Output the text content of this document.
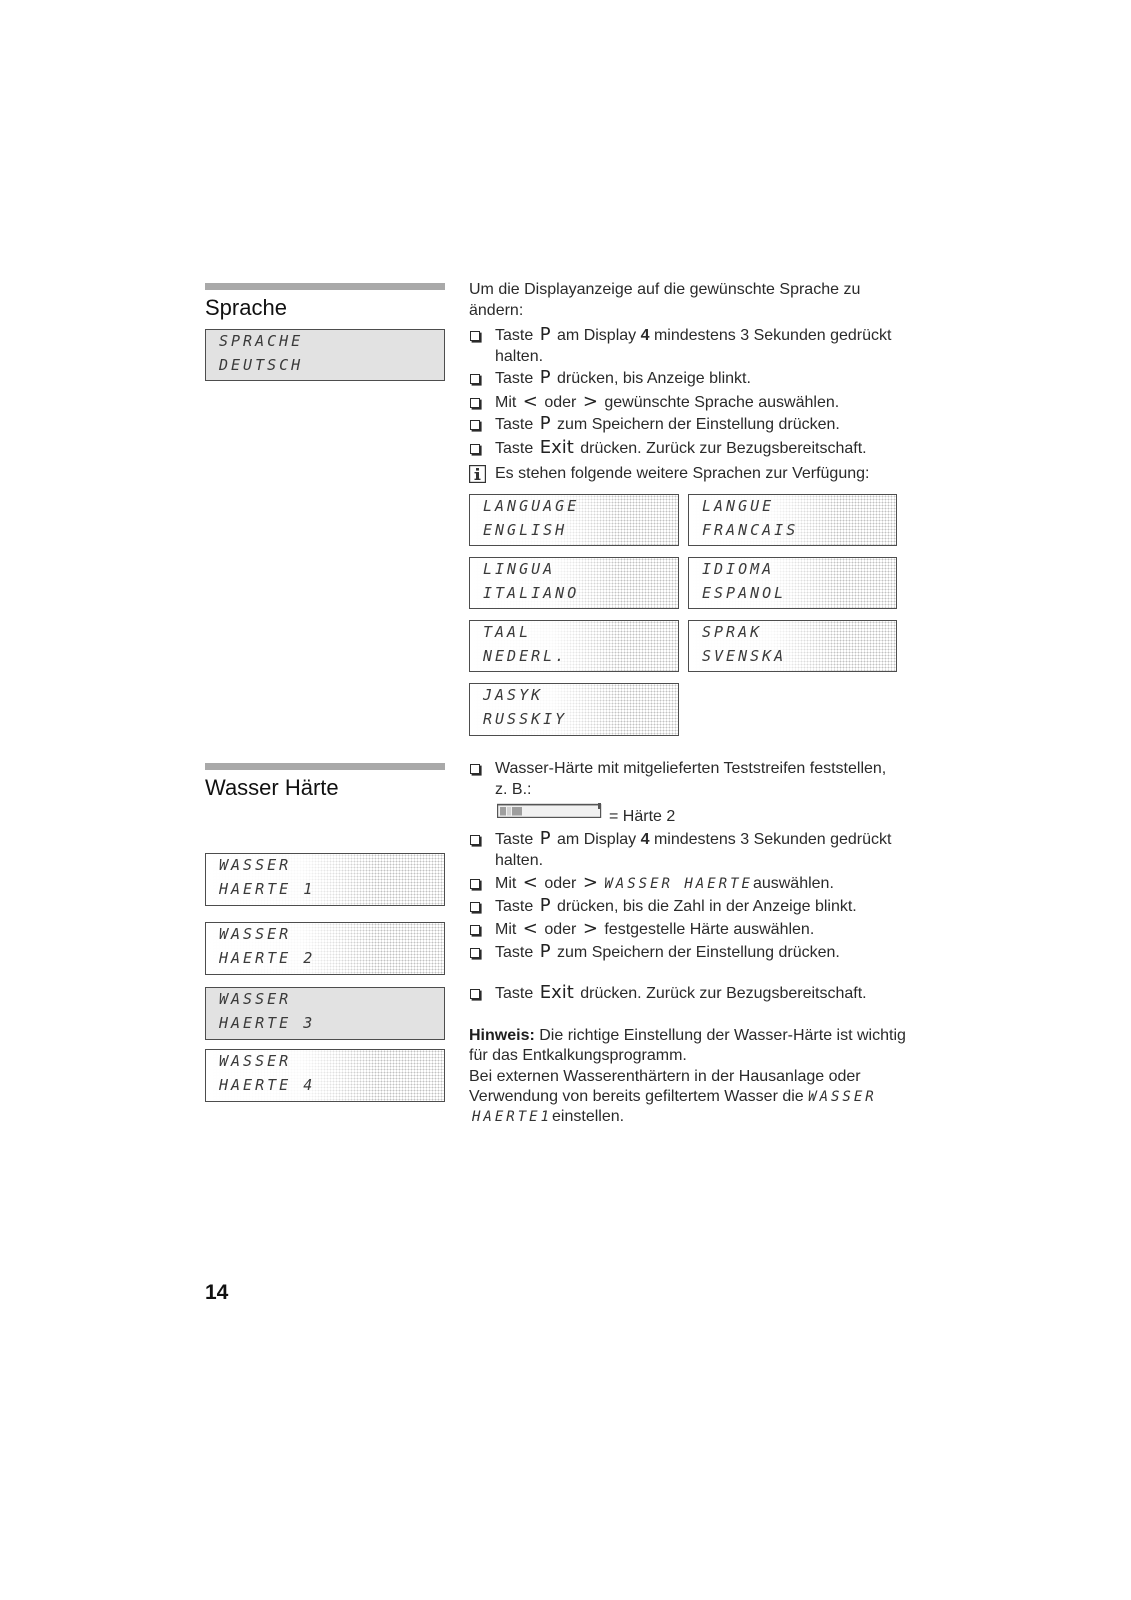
Sprache
SPRACHE
DEUTSCH
Um die Displayanzeige auf die gewünschte Sprache zu
ändern:
Taste P am Display 4 mindestens 3 Sekunden gedrückt
halten.
Taste P drücken, bis Anzeige blinkt.
Mit < oder > gewünschte Sprache auswählen.
Taste P zum Speichern der Einstellung drücken.
Taste Exit drücken. Zurück zur Bezugsbereitschaft.
Es stehen folgende weitere Sprachen zur Verfügung:
LANGUAGE
ENGLISH
LANGUE
FRANCAIS
LINGUA
ITALIANO
IDIOMA
ESPANOL
TAAL
NEDERL.
SPRAK
SVENSKA
JASYK
RUSSKIY
Wasser Härte
WASSER
HAERTE 1
WASSER
HAERTE 2
WASSER
HAERTE 3
WASSER
HAERTE 4
Wasser-Härte mit mitgelieferten Teststreifen feststellen,
z. B.:
= Härte 2
Taste P am Display 4 mindestens 3 Sekunden gedrückt
halten.
Mit < oder > WASSER HAERTEauswählen.
Taste P drücken, bis die Zahl in der Anzeige blinkt.
Mit < oder > festgestelle Härte auswählen.
Taste P zum Speichern der Einstellung drücken.
Taste Exit drücken. Zurück zur Bezugsbereitschaft.
Hinweis: Die richtige Einstellung der Wasser-Härte ist wichtig
für das Entkalkungsprogramm.
Bei externen Wasserenthärtern in der Hausanlage oder
Verwendung von bereits gefiltertem Wasser die WASSER
HAERTE1einstellen.
14
